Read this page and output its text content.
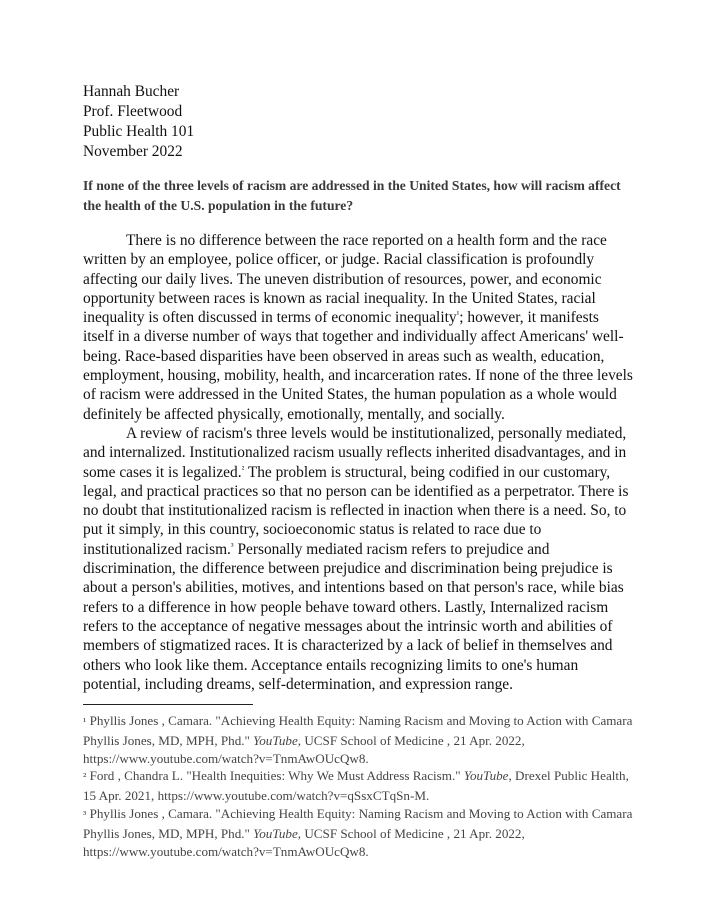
Hannah Bucher
Prof. Fleetwood
Public Health 101
November 2022
If none of the three levels of racism are addressed in the United States, how will racism affect the health of the U.S. population in the future?

There is no difference between the race reported on a health form and the race written by an employee, police officer, or judge. Racial classification is profoundly affecting our daily lives. The uneven distribution of resources, power, and economic opportunity between races is known as racial inequality. In the United States, racial inequality is often discussed in terms of economic inequality$^{^1}$; however, it manifests itself in a diverse number of ways that together and individually affect Americans' well-being. Race-based disparities have been observed in areas such as wealth, education, employment, housing, mobility, health, and incarceration rates. If none of the three levels of racism were addressed in the United States, the human population as a whole would definitely be affected physically, emotionally, mentally, and socially.

A review of racism's three levels would be institutionalized, personally mediated, and internalized. Institutionalized racism usually reflects inherited disadvantages, and in some cases it is legalized.$^{^2}$ The problem is structural, being codified in our customary, legal, and practical practices so that no person can be identified as a perpetrator. There is no doubt that institutionalized racism is reflected in inaction when there is a need. So, to put it simply, in this country, socioeconomic status is related to race due to institutionalized racism.$^{^3}$ Personally mediated racism refers to prejudice and discrimination, the difference between prejudice and discrimination being prejudice is about a person's abilities, motives, and intentions based on that person's race, while bias refers to a difference in how people behave toward others. Lastly, Internalized racism refers to the acceptance of negative messages about the intrinsic worth and abilities of members of stigmatized races. It is characterized by a lack of belief in themselves and others who look like them. Acceptance entails recognizing limits to one's human potential, including dreams, self-determination, and expression range.

¹ Phyllis Jones , Camara. "Achieving Health Equity: Naming Racism and Moving to Action with Camara Phyllis Jones, MD, MPH, Phd." YouTube, UCSF School of Medicine , 21 Apr. 2022, https://www.youtube.com/watch?v=TnmAwOUcQw8.

² Ford , Chandra L. "Health Inequities: Why We Must Address Racism." YouTube, Drexel Public Health, 15 Apr. 2021, https://www.youtube.com/watch?v=qSsxCTqSn-M.

³ Phyllis Jones , Camara. "Achieving Health Equity: Naming Racism and Moving to Action with Camara Phyllis Jones, MD, MPH, Phd." YouTube, UCSF School of Medicine , 21 Apr. 2022, https://www.youtube.com/watch?v=TnmAwOUcQw8.
